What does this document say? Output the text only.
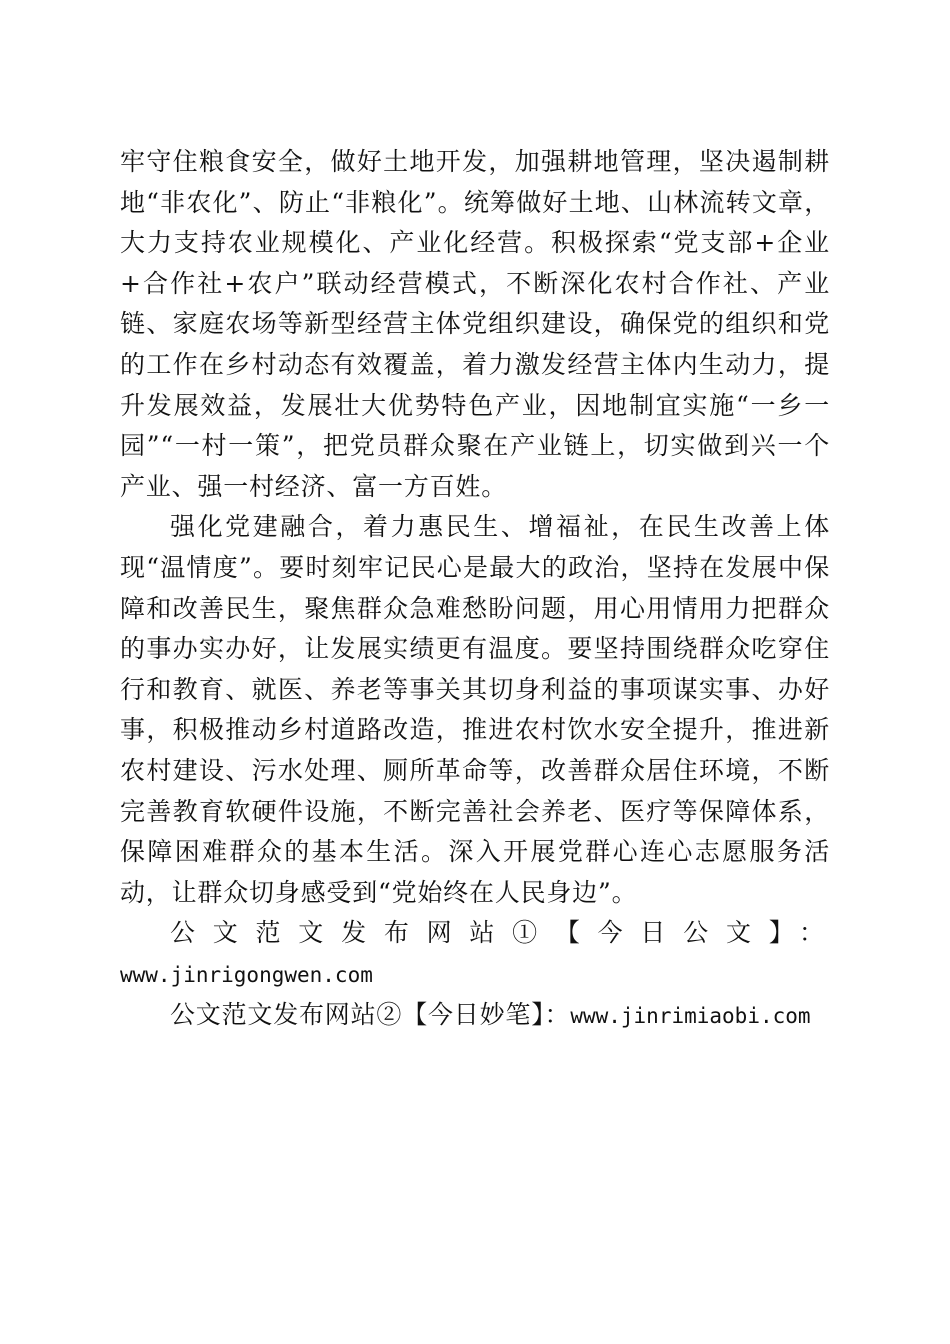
牢守住粮食安全，做好土地开发，加强耕地管理，坚决遏制耕地“非农化”、防止“非粮化”。统筹做好土地、山林流转文章，大力支持农业规模化、产业化经营。积极探索“党支部+企业+合作社+农户”联动经营模式，不断深化农村合作社、产业链、家庭农场等新型经营主体党组织建设，确保党的组织和党的工作在乡村动态有效覆盖，着力激发经营主体内生动力，提升发展效益，发展壮大优势特色产业，因地制宜实施“一乡一园”“一村一策”，把党员群众聚在产业链上，切实做到兴一个产业、强一村经济、富一方百姓。

强化党建融合，着力惠民生、增福祉，在民生改善上体现“温情度”。要时刻牢记民心是最大的政治，坚持在发展中保障和改善民生，聚焦群众急难愁盼问题，用心用情用力把群众的事办实办好，让发展实绩更有温度。要坚持围绕群众吃穿住行和教育、就医、养老等事关其切身利益的事项谋实事、办好事，积极推动乡村道路改造，推进农村饮水安全提升，推进新农村建设、污水处理、厕所革命等，改善群众居住环境，不断完善教育软硬件设施，不断完善社会养老、医疗等保障体系，保障困难群众的基本生活。深入开展党群心连心志愿服务活动，让群众切身感受到“党始终在人民身边”。

公文范文发布网站①【今日公文】：
www.jinrigongwen.com

公文范文发布网站②【今日妙笔】：www.jinrimiaobi.com
